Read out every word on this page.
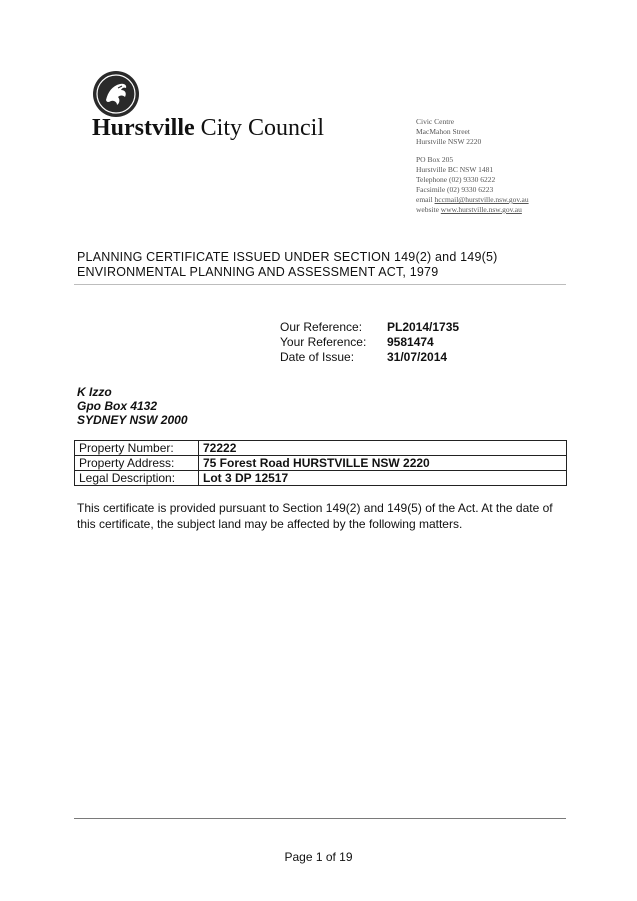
Hurstville City Council	Civic Centre
MacMahon Street
Hurstville NSW 2220
PO Box 205
Hurstville BC NSW 1481
Telephone (02) 9330 6222
Facsimile (02) 9330 6223
email hccmail@hurstville.nsw.gov.au
website www.hurstville.nsw.gov.au
PLANNING CERTIFICATE ISSUED UNDER SECTION 149(2) and 149(5)
ENVIRONMENTAL PLANNING AND ASSESSMENT ACT, 1979
Our Reference:	PL2014/1735
Your Reference:	9581474
Date of Issue:	31/07/2014
K Izzo
Gpo Box 4132
SYDNEY NSW 2000
Property Number:	72222
Property Address:	75 Forest Road HURSTVILLE NSW 2220
Legal Description:	Lot 3 DP 12517
This certificate is provided pursuant to Section 149(2) and 149(5) of the Act. At the date of this certificate, the subject land may be affected by the following matters.
Page 1 of 19
